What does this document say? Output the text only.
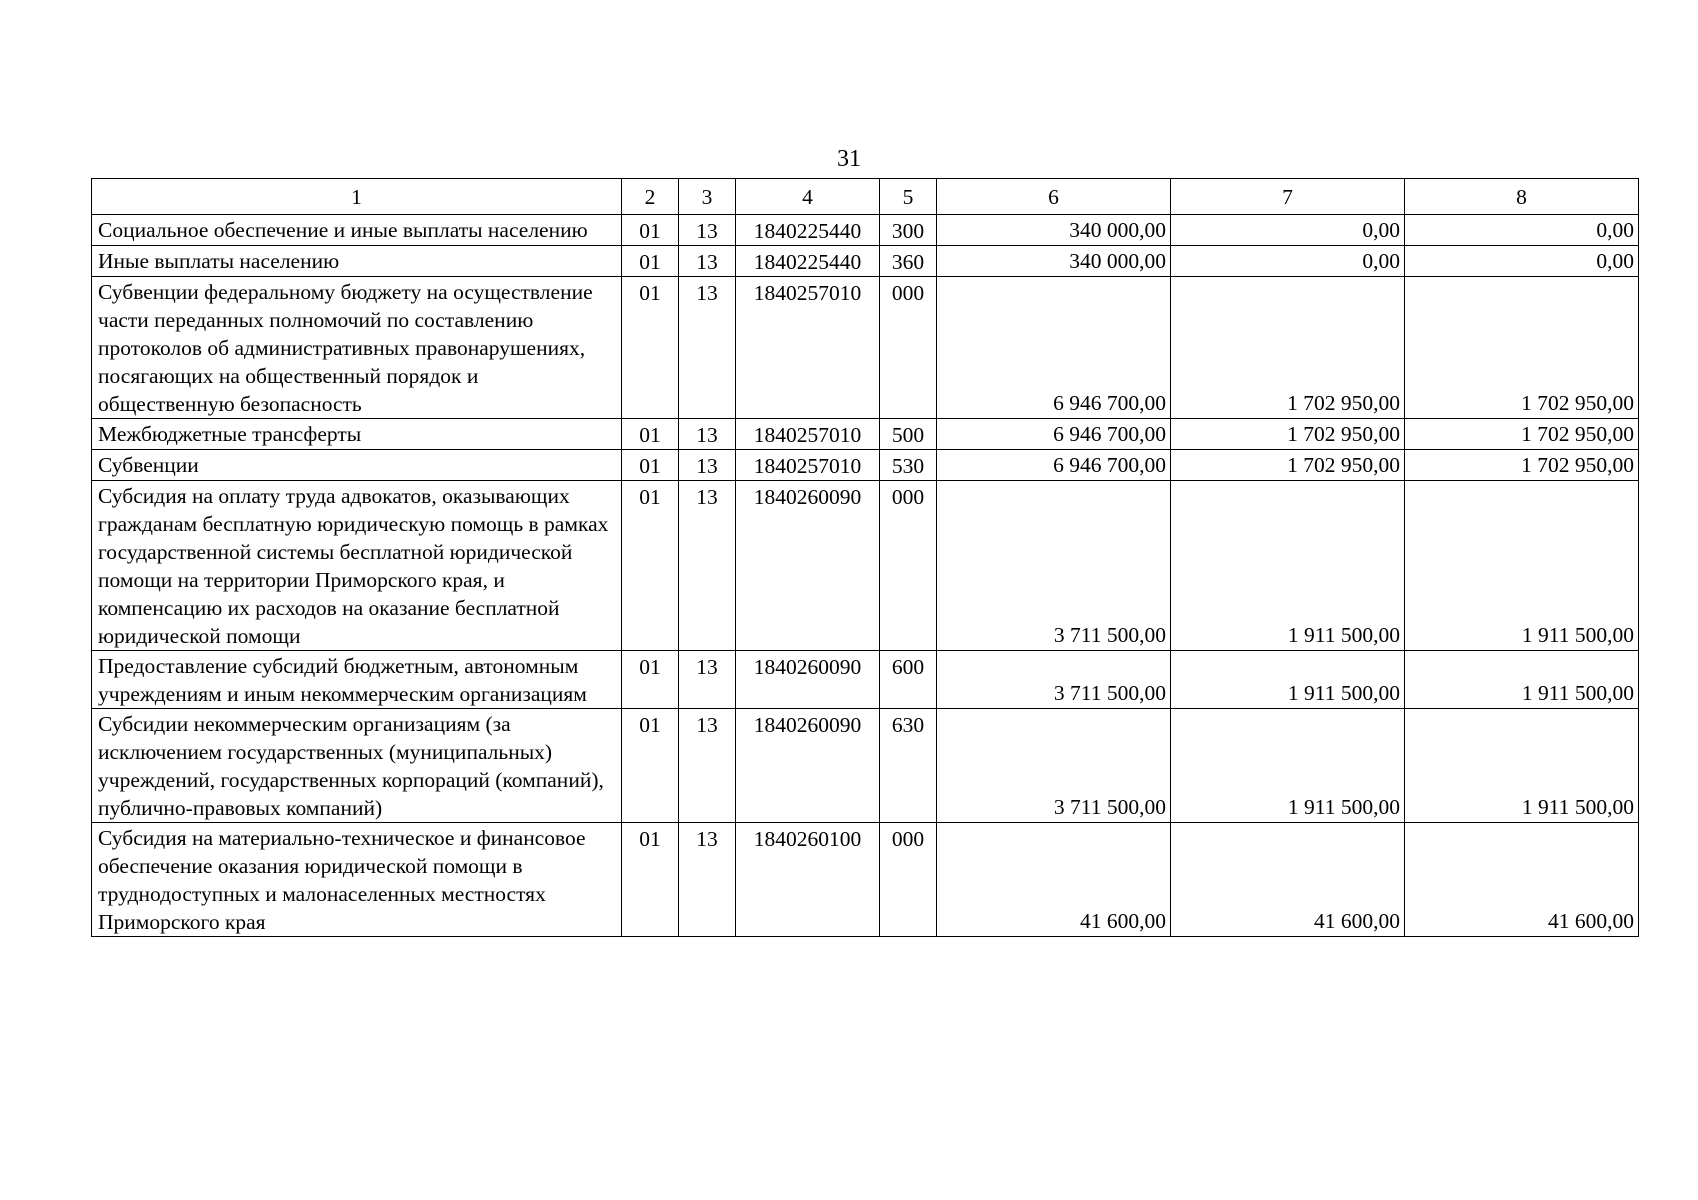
31
1	2	3	4	5	6	7	8
Социальное обеспечение и иные выплаты населению	01	13	1840225440	300	340 000,00	0,00	0,00
Иные выплаты населению	01	13	1840225440	360	340 000,00	0,00	0,00
Субвенции федеральному бюджету на осуществление части переданных полномочий по составлению протоколов об административных правонарушениях, посягающих на общественный порядок и общественную безопасность	01	13	1840257010	000	6 946 700,00	1 702 950,00	1 702 950,00
Межбюджетные трансферты	01	13	1840257010	500	6 946 700,00	1 702 950,00	1 702 950,00
Субвенции	01	13	1840257010	530	6 946 700,00	1 702 950,00	1 702 950,00
Субсидия на оплату труда адвокатов, оказывающих гражданам бесплатную юридическую помощь в рамках государственной системы бесплатной юридической помощи на территории Приморского края, и компенсацию их расходов на оказание бесплатной юридической помощи	01	13	1840260090	000	3 711 500,00	1 911 500,00	1 911 500,00
Предоставление субсидий бюджетным, автономным учреждениям и иным некоммерческим организациям	01	13	1840260090	600	3 711 500,00	1 911 500,00	1 911 500,00
Субсидии некоммерческим организациям (за исключением государственных (муниципальных) учреждений, государственных корпораций (компаний), публично-правовых компаний)	01	13	1840260090	630	3 711 500,00	1 911 500,00	1 911 500,00
Субсидия на материально-техническое и финансовое обеспечение оказания юридической помощи в труднодоступных и малонаселенных местностях Приморского края	01	13	1840260100	000	41 600,00	41 600,00	41 600,00
